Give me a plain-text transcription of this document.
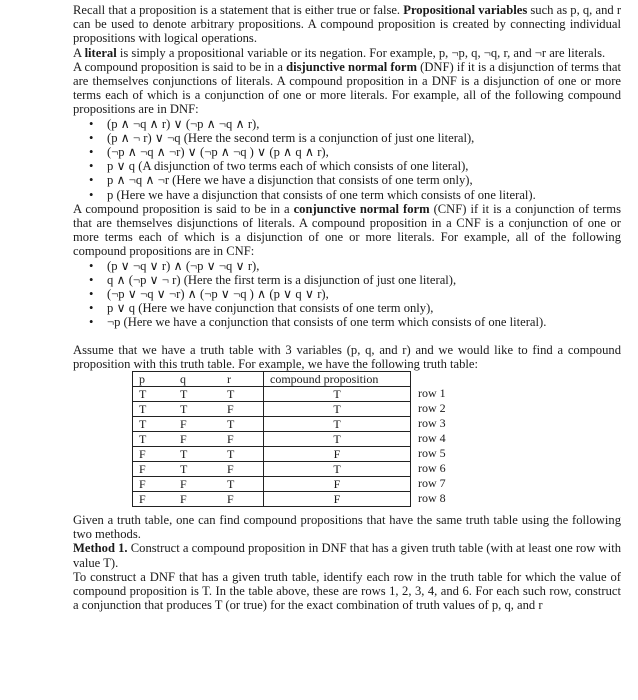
Recall that a proposition is a statement that is either true or false. Propositional variables such as p, q, and r can be used to denote arbitrary propositions. A compound proposition is created by connecting individual propositions with logical operations.

A literal is simply a propositional variable or its negation. For example, p, ¬p, q, ¬q, r, and ¬r are literals.

A compound proposition is said to be in a disjunctive normal form (DNF) if it is a disjunction of terms that are themselves conjunctions of literals. A compound proposition in a DNF is a disjunction of one or more terms each of which is a conjunction of one or more literals. For example, all of the following compound propositions are in DNF:

• (p ∧ ¬q ∧ r) ∨ (¬p ∧ ¬q ∧ r),
• (p ∧ ¬ r) ∨ ¬q (Here the second term is a conjunction of just one literal),
• (¬p ∧ ¬q ∧ ¬r) ∨ (¬p ∧ ¬q ) ∨ (p ∧ q ∧ r),
• p ∨ q (A disjunction of two terms each of which consists of one literal),
• p ∧ ¬q ∧ ¬r (Here we have a disjunction that consists of one term only),
• p (Here we have a disjunction that consists of one term which consists of one literal).

A compound proposition is said to be in a conjunctive normal form (CNF) if it is a conjunction of terms that are themselves disjunctions of literals. A compound proposition in a CNF is a conjunction of one or more terms each of which is a disjunction of one or more literals. For example, all of the following compound propositions are in CNF:

• (p ∨ ¬q ∨ r) ∧ (¬p ∨ ¬q ∨ r),
• q ∧ (¬p ∨ ¬ r) (Here the first term is a disjunction of just one literal),
• (¬p ∨ ¬q ∨ ¬r) ∧ (¬p ∨ ¬q ) ∧ (p ∨ q ∨ r),
• p ∨ q (Here we have conjunction that consists of one term only),
• ¬p (Here we have a conjunction that consists of one term which consists of one literal).

Assume that we have a truth table with 3 variables (p, q, and r) and we would like to find a compound proposition with this truth table. For example, we have the following truth table:

p	q	r	compound proposition
T	T	T	T
T	T	F	T
T	F	T	T
T	F	F	T
F	T	T	F
F	T	F	T
F	F	T	F
F	F	F	F
row 1
row 2
row 3
row 4
row 5
row 6
row 7
row 8

Given a truth table, one can find compound propositions that have the same truth table using the following two methods.

Method 1. Construct a compound proposition in DNF that has a given truth table (with at least one row with value T).

To construct a DNF that has a given truth table, identify each row in the truth table for which the value of compound proposition is T. In the table above, these are rows 1, 2, 3, 4, and 6. For each such row, construct a conjunction that produces T (or true) for the exact combination of truth values of p, q, and r
